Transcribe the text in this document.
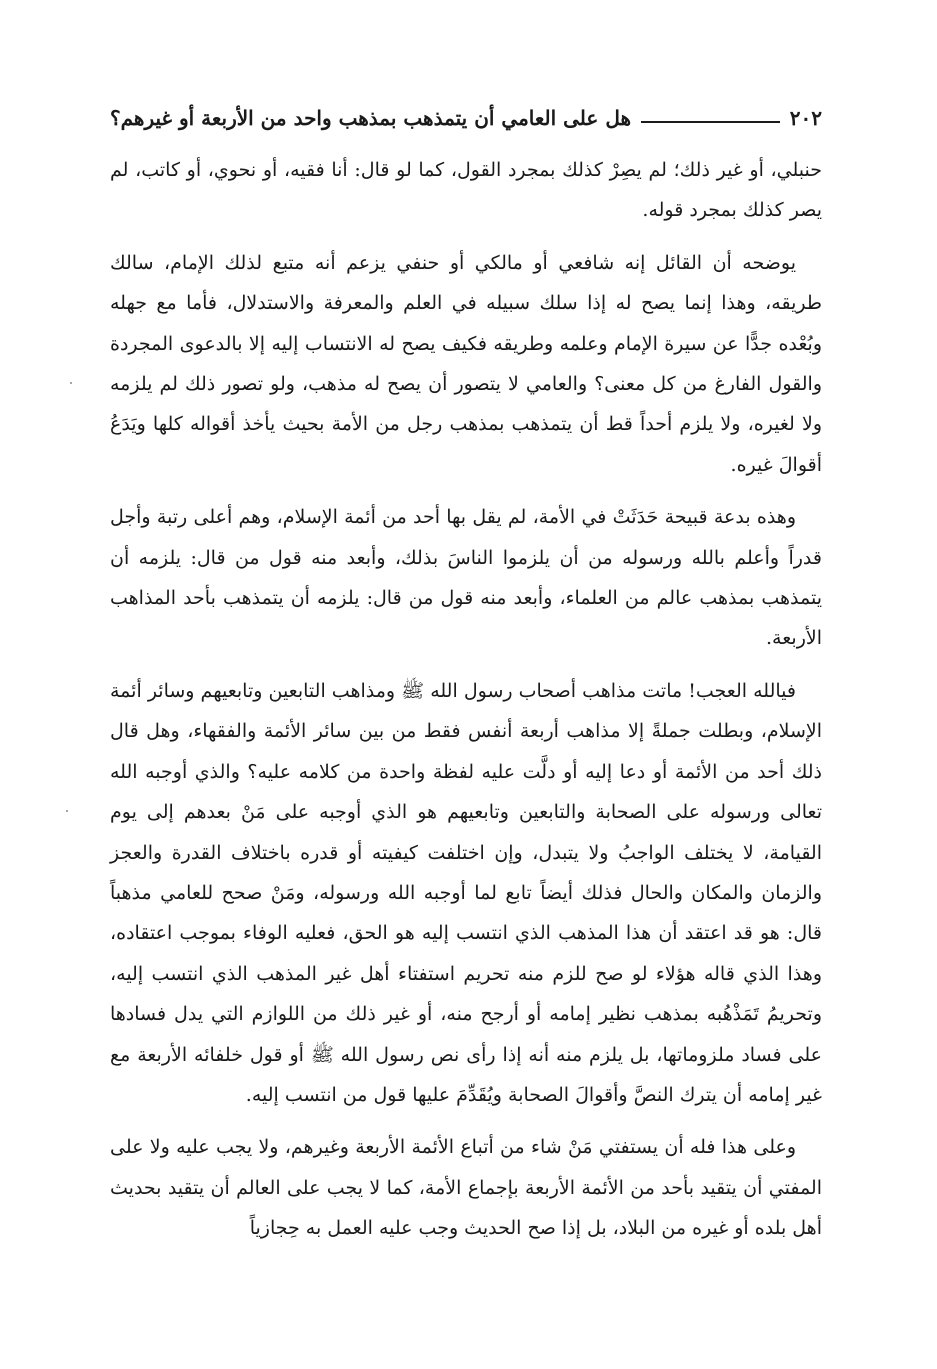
٢٠٢
هل على العامي أن يتمذهب بمذهب واحد من الأربعة أو غيرهم؟

حنبلي، أو غير ذلك؛ لم يصِرْ كذلك بمجرد القول، كما لو قال: أنا فقيه، أو نحوي، أو كاتب، لم يصر كذلك بمجرد قوله.

يوضحه أن القائل إنه شافعي أو مالكي أو حنفي يزعم أنه متبع لذلك الإمام، سالك طريقه، وهذا إنما يصح له إذا سلك سبيله في العلم والمعرفة والاستدلال، فأما مع جهله وبُعْده جدًّا عن سيرة الإمام وعلمه وطريقه فكيف يصح له الانتساب إليه إلا بالدعوى المجردة والقول الفارغ من كل معنى؟ والعامي لا يتصور أن يصح له مذهب، ولو تصور ذلك لم يلزمه ولا لغيره، ولا يلزم أحداً قط أن يتمذهب بمذهب رجل من الأمة بحيث يأخذ أقواله كلها ويَدَعُ أقوالَ غيره.

وهذه بدعة قبيحة حَدَثَتْ في الأمة، لم يقل بها أحد من أئمة الإسلام، وهم أعلى رتبة وأجل قدراً وأعلم بالله ورسوله من أن يلزموا الناسَ بذلك، وأبعد منه قول من قال: يلزمه أن يتمذهب بمذهب عالم من العلماء، وأبعد منه قول من قال: يلزمه أن يتمذهب بأحد المذاهب الأربعة.

فيالله العجب! ماتت مذاهب أصحاب رسول الله ﷺ ومذاهب التابعين وتابعيهم وسائر أئمة الإسلام، وبطلت جملةً إلا مذاهب أربعة أنفس فقط من بين سائر الأئمة والفقهاء، وهل قال ذلك أحد من الأئمة أو دعا إليه أو دلَّت عليه لفظة واحدة من كلامه عليه؟ والذي أوجبه الله تعالى ورسوله على الصحابة والتابعين وتابعيهم هو الذي أوجبه على مَنْ بعدهم إلى يوم القيامة، لا يختلف الواجبُ ولا يتبدل، وإن اختلفت كيفيته أو قدره باختلاف القدرة والعجز والزمان والمكان والحال فذلك أيضاً تابع لما أوجبه الله ورسوله، ومَنْ صحح للعامي مذهباً قال: هو قد اعتقد أن هذا المذهب الذي انتسب إليه هو الحق، فعليه الوفاء بموجب اعتقاده، وهذا الذي قاله هؤلاء لو صح للزم منه تحريم استفتاء أهل غير المذهب الذي انتسب إليه، وتحريمُ تَمَذْهُبه بمذهب نظير إمامه أو أرجح منه، أو غير ذلك من اللوازم التي يدل فسادها على فساد ملزوماتها، بل يلزم منه أنه إذا رأى نص رسول الله ﷺ أو قول خلفائه الأربعة مع غير إمامه أن يترك النصَّ وأقوالَ الصحابة ويُقَدِّمَ عليها قول من انتسب إليه.

وعلى هذا فله أن يستفتي مَنْ شاء من أتباع الأئمة الأربعة وغيرهم، ولا يجب عليه ولا على المفتي أن يتقيد بأحد من الأئمة الأربعة بإجماع الأمة، كما لا يجب على العالم أن يتقيد بحديث أهل بلده أو غيره من البلاد، بل إذا صح الحديث وجب عليه العمل به حِجازياً
